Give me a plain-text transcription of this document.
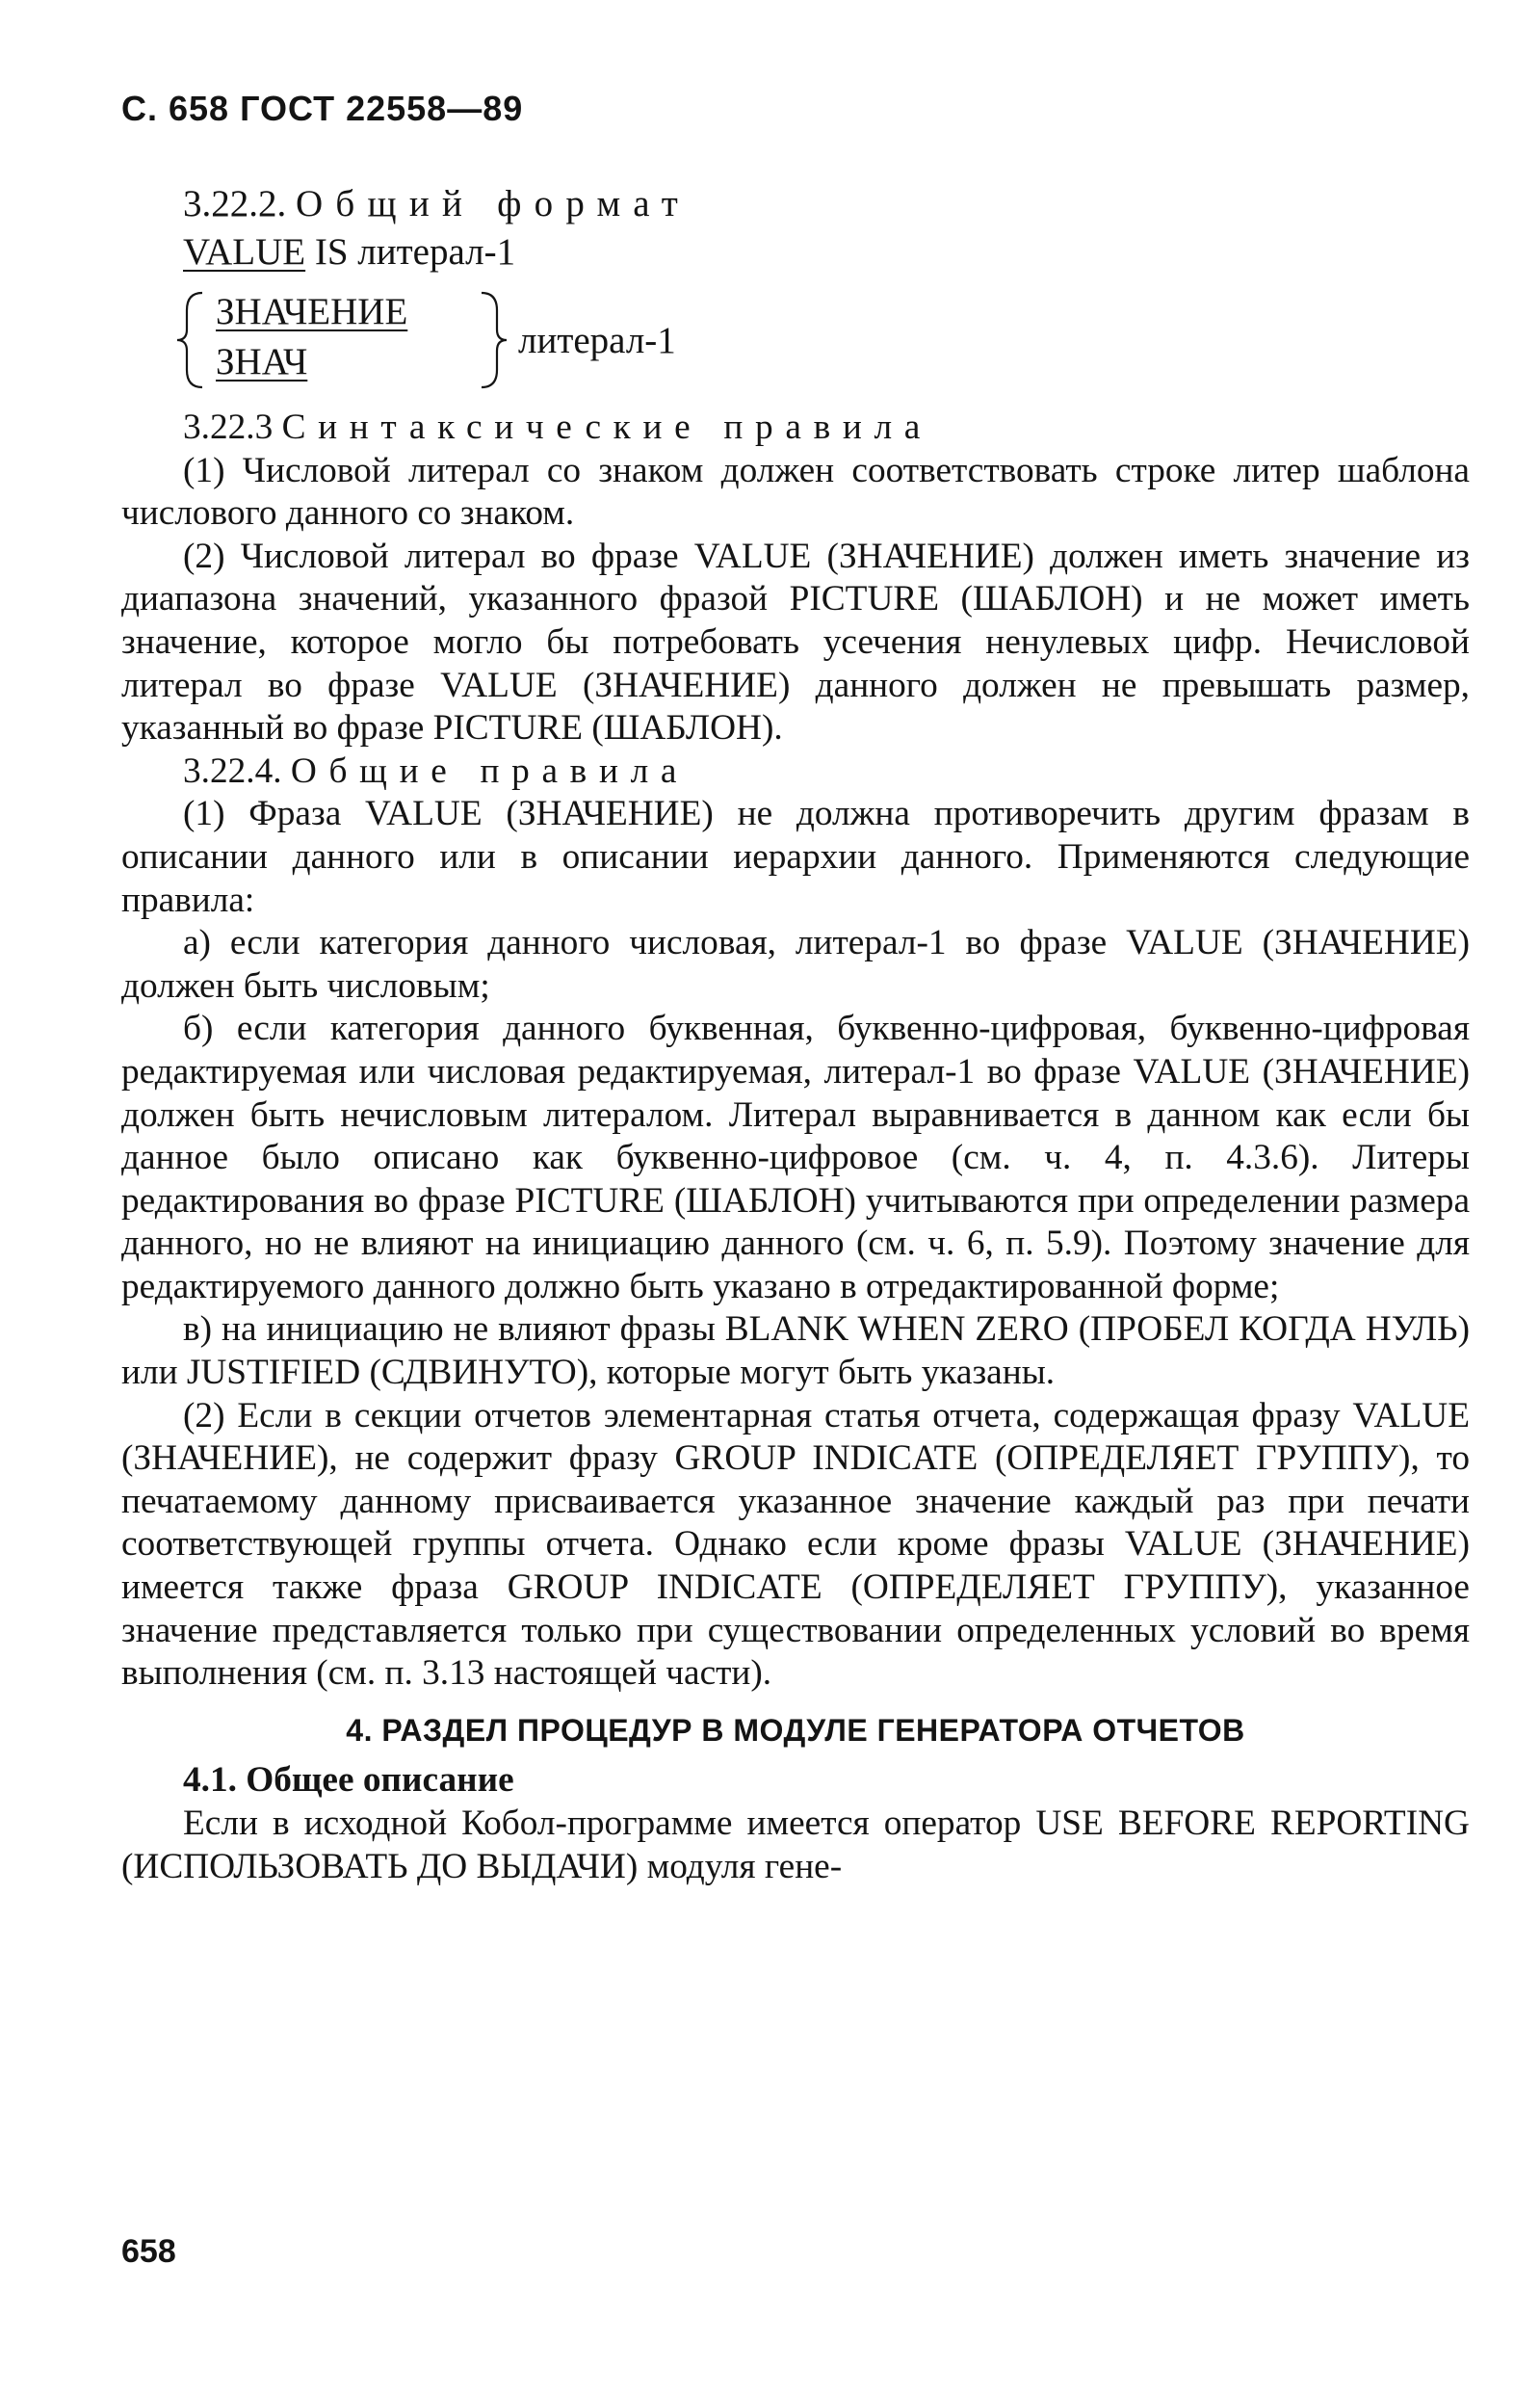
С. 658 ГОСТ 22558—89
3.22.2. Общий формат
VALUE IS литерал-1
ЗНАЧЕНИЕ
ЗНАЧ
литерал-1

3.22.3 Синтаксические правила

(1) Числовой литерал со знаком должен соответствовать строке литер шаблона числового данного со знаком.

(2) Числовой литерал во фразе VALUE (ЗНАЧЕНИЕ) должен иметь значение из диапазона значений, указанного фразой PICTURE (ШАБЛОН) и не может иметь значение, которое могло бы потребовать усечения ненулевых цифр. Нечисловой литерал во фразе VALUE (ЗНАЧЕНИЕ) данного должен не превышать размер, указанный во фразе PICTURE (ШАБЛОН).

3.22.4. Общие правила

(1) Фраза VALUE (ЗНАЧЕНИЕ) не должна противоречить другим фразам в описании данного или в описании иерархии данного. Применяются следующие правила:

а) если категория данного числовая, литерал-1 во фразе VALUE (ЗНАЧЕНИЕ) должен быть числовым;

б) если категория данного буквенная, буквенно-цифровая, буквенно-цифровая редактируемая или числовая редактируемая, литерал-1 во фразе VALUE (ЗНАЧЕНИЕ) должен быть нечисловым литералом. Литерал выравнивается в данном как если бы данное было описано как буквенно-цифровое (см. ч. 4, п. 4.3.6). Литеры редактирования во фразе PICTURE (ШАБЛОН) учитываются при определении размера данного, но не влияют на инициацию данного (см. ч. 6, п. 5.9). Поэтому значение для редактируемого данного должно быть указано в отредактированной форме;

в) на инициацию не влияют фразы BLANK WHEN ZERO (ПРОБЕЛ КОГДА НУЛЬ) или JUSTIFIED (СДВИНУТО), которые могут быть указаны.

(2) Если в секции отчетов элементарная статья отчета, содержащая фразу VALUE (ЗНАЧЕНИЕ), не содержит фразу GROUP INDICATE (ОПРЕДЕЛЯЕТ ГРУППУ), то печатаемому данному присваивается указанное значение каждый раз при печати соответствующей группы отчета. Однако если кроме фразы VALUE (ЗНАЧЕНИЕ) имеется также фраза GROUP INDICATE (ОПРЕДЕЛЯЕТ ГРУППУ), указанное значение представляется только при существовании определенных условий во время выполнения (см. п. 3.13 настоящей части).

4. РАЗДЕЛ ПРОЦЕДУР В МОДУЛЕ ГЕНЕРАТОРА ОТЧЕТОВ

4.1. Общее описание

Если в исходной Кобол-программе имеется оператор USE BEFORE REPORTING (ИСПОЛЬЗОВАТЬ ДО ВЫДАЧИ) модуля гене-

658
